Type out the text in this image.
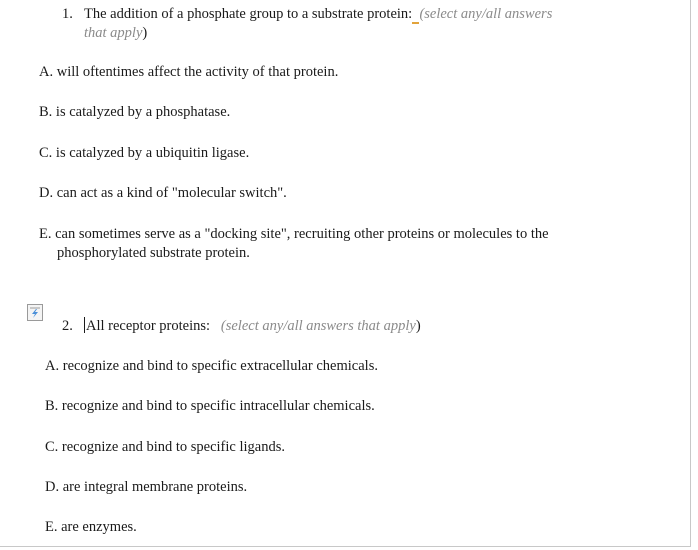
1. The addition of a phosphate group to a substrate protein: (select any/all answers
that apply)
A. will oftentimes affect the activity of that protein.
B. is catalyzed by a phosphatase.
C. is catalyzed by a ubiquitin ligase.
D. can act as a kind of "molecular switch".
E. can sometimes serve as a "docking site", recruiting other proteins or molecules to the
phosphorylated substrate protein.
2. All receptor proteins: (select any/all answers that apply)
A. recognize and bind to specific extracellular chemicals.
B. recognize and bind to specific intracellular chemicals.
C. recognize and bind to specific ligands.
D. are integral membrane proteins.
E. are enzymes.
